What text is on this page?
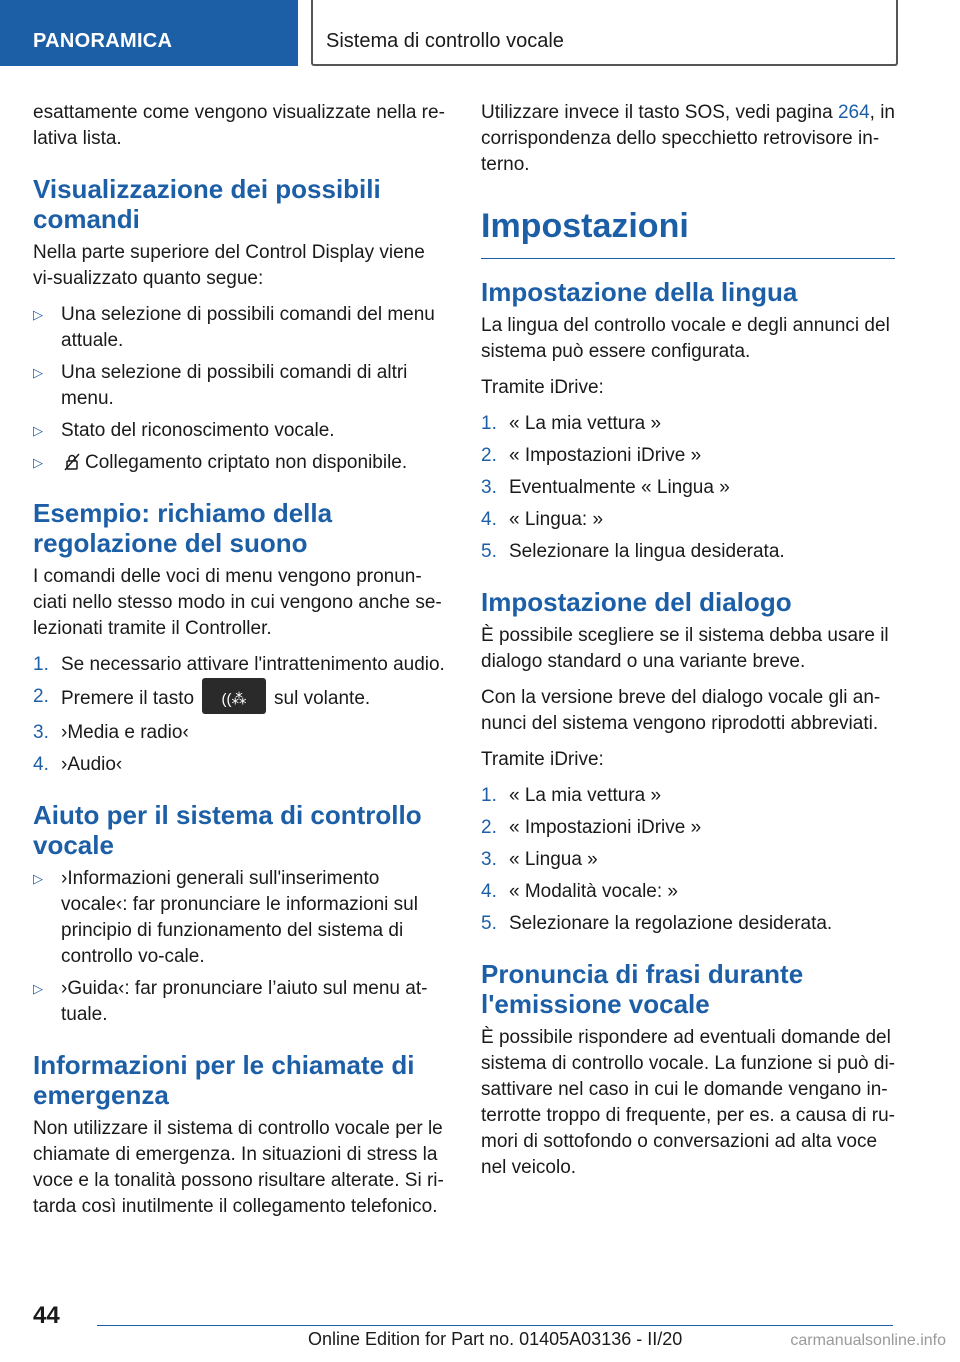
PANORAMICA	Sistema di controllo vocale

esattamente come vengono visualizzate nella re-lativa lista.

Visualizzazione dei possibili comandi

Nella parte superiore del Control Display viene vi-sualizzato quanto segue:

▷ Una selezione di possibili comandi del menu attuale.
▷ Una selezione di possibili comandi di altri menu.
▷ Stato del riconoscimento vocale.
▷ Collegamento criptato non disponibile.
Esempio: richiamo della regolazione del suono

I comandi delle voci di menu vengono pronun-ciati nello stesso modo in cui vengono anche se-lezionati tramite il Controller.

1. Se necessario attivare l'intrattenimento audio.
2. Premere il tasto	((⁂	sul volante.
3. ›Media e radio‹
4. ›Audio‹
Aiuto per il sistema di controllo vocale
▷ ›Informazioni generali sull'inserimento vocale‹: far pronunciare le informazioni sul principio di funzionamento del sistema di controllo vo-cale.
▷ ›Guida‹: far pronunciare l’aiuto sul menu at-tuale.
Informazioni per le chiamate di emergenza

Non utilizzare il sistema di controllo vocale per le chiamate di emergenza. In situazioni di stress la voce e la tonalità possono risultare alterate. Si ri-tarda così inutilmente il collegamento telefonico.

Utilizzare invece il tasto SOS, vedi pagina 264, in corrispondenza dello specchietto retrovisore in-terno.

Impostazioni
Impostazione della lingua

La lingua del controllo vocale e degli annunci del sistema può essere configurata.

Tramite iDrive:

1. « La mia vettura »
2. « Impostazioni iDrive »
3. Eventualmente « Lingua »
4. « Lingua: »
5. Selezionare la lingua desiderata.
Impostazione del dialogo

È possibile scegliere se il sistema debba usare il dialogo standard o una variante breve.

Con la versione breve del dialogo vocale gli an-nunci del sistema vengono riprodotti abbreviati.

Tramite iDrive:

1. « La mia vettura »
2. « Impostazioni iDrive »
3. « Lingua »
4. « Modalità vocale: »
5. Selezionare la regolazione desiderata.
Pronuncia di frasi durante l'emissione vocale

È possibile rispondere ad eventuali domande del sistema di controllo vocale. La funzione si può di-sattivare nel caso in cui le domande vengano in-terrotte troppo di frequente, per es. a causa di ru-mori di sottofondo o conversazioni ad alta voce nel veicolo.

44
Online Edition for Part no. 01405A03136 - II/20	carmanualsonline.info
